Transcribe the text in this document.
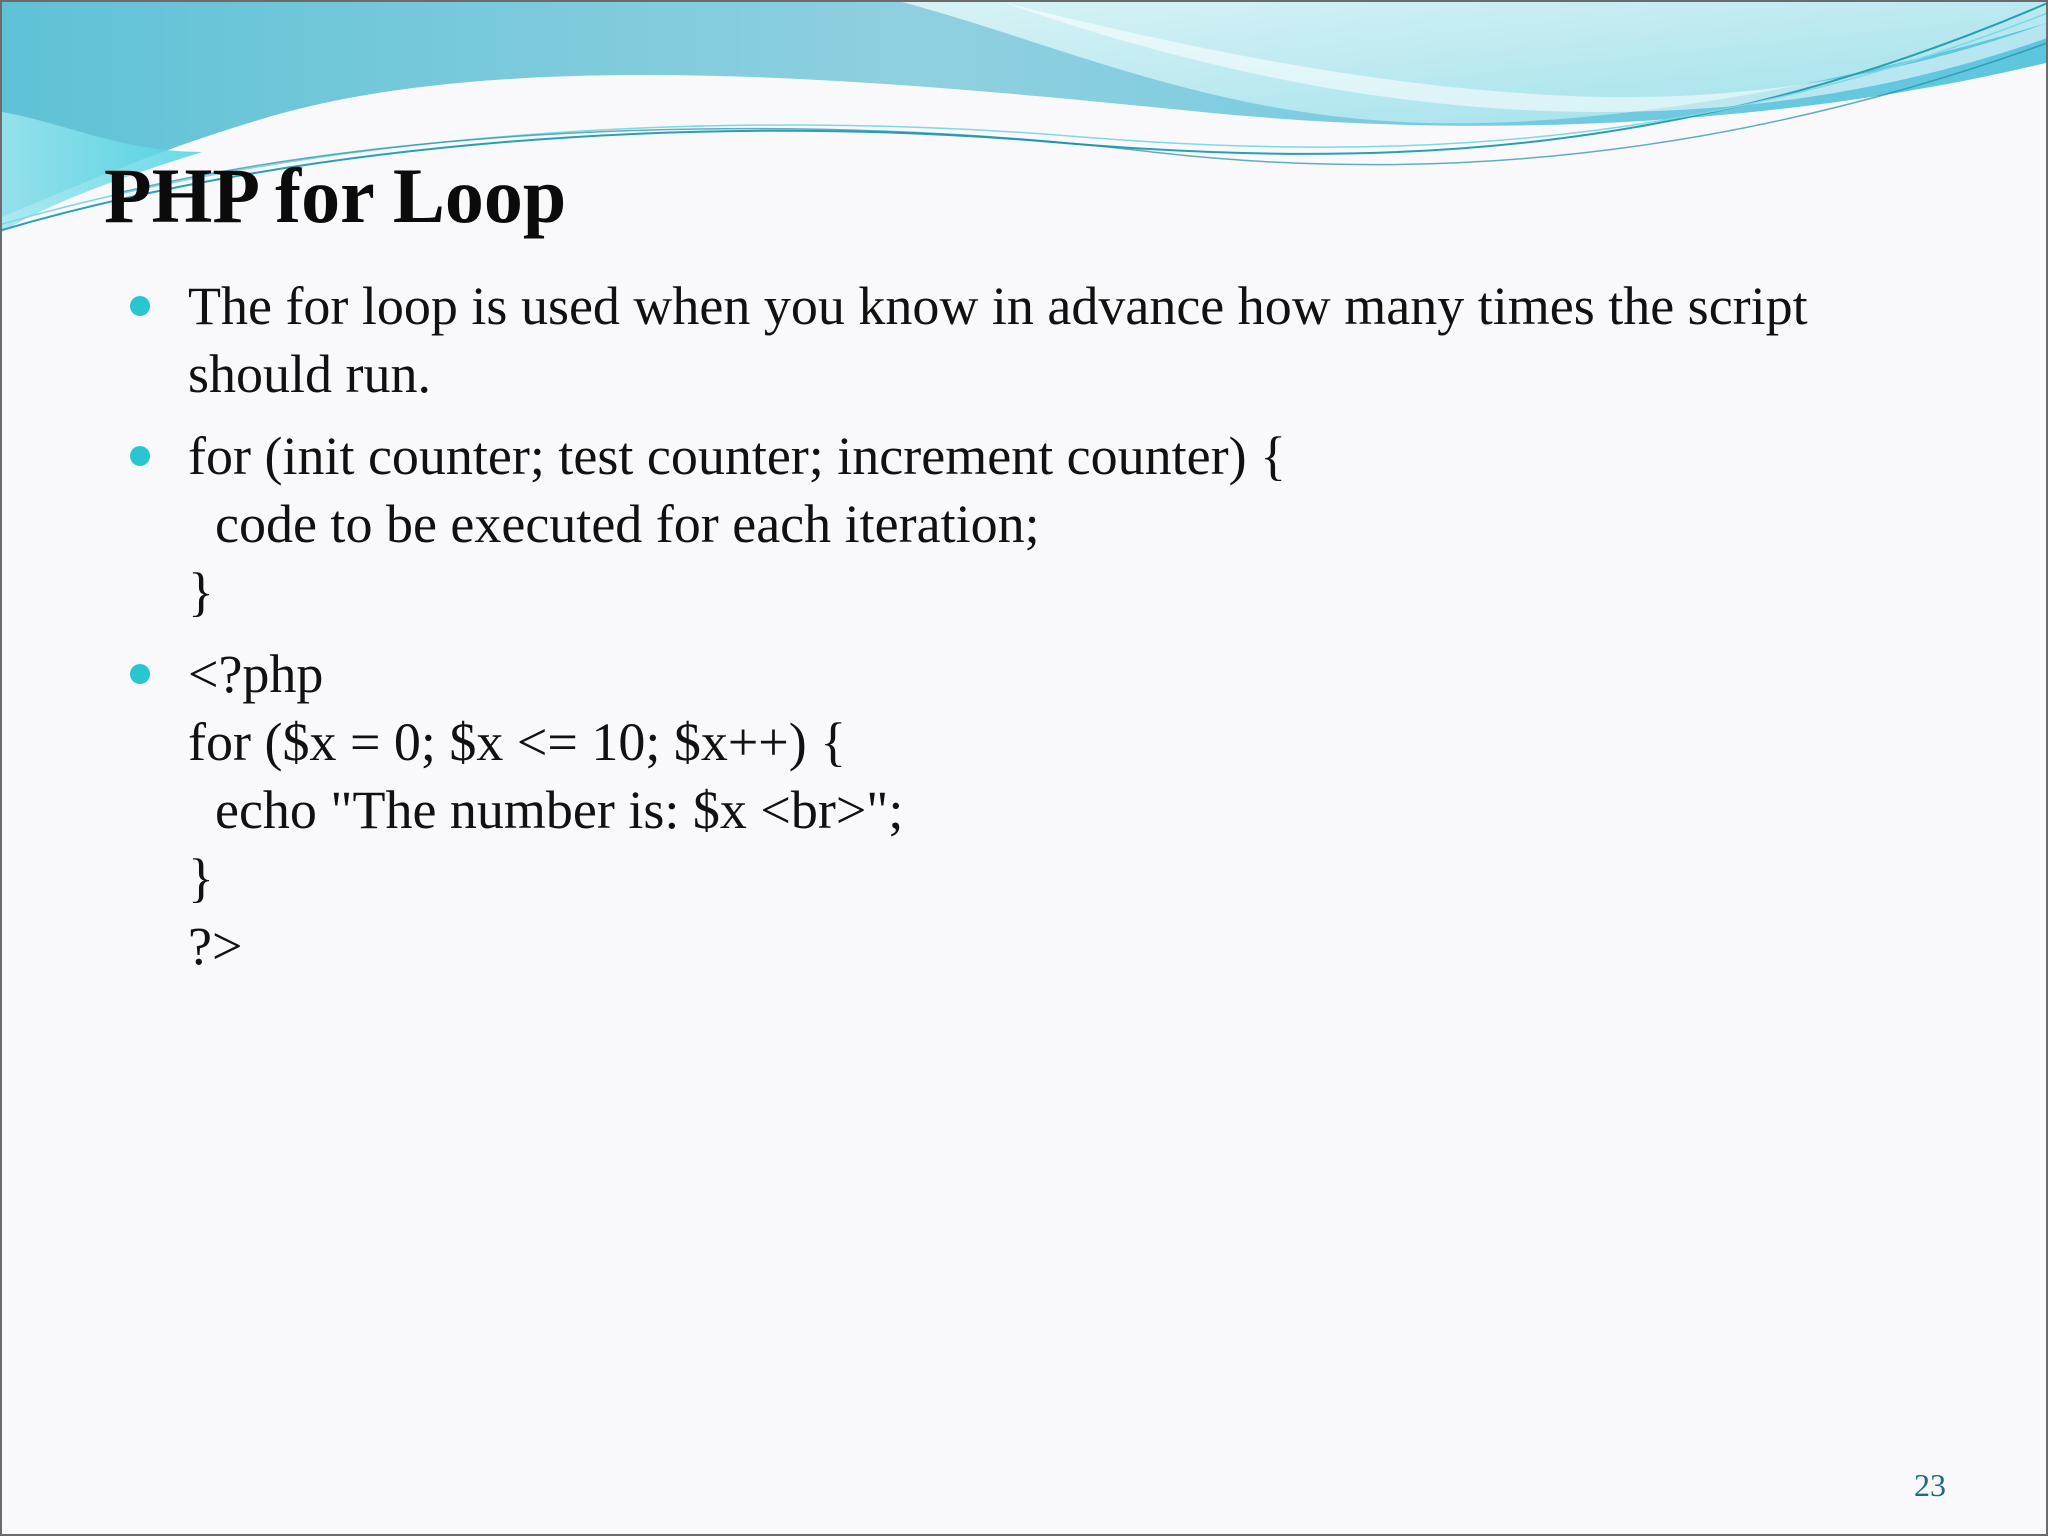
PHP for Loop
The for loop is used when you know in advance how many times the script
should run.
for (init counter; test counter; increment counter) {
code to be executed for each iteration;
}
<?php
for ($x = 0; $x <= 10; $x++) {
echo "The number is: $x <br>";
}
?>
23
